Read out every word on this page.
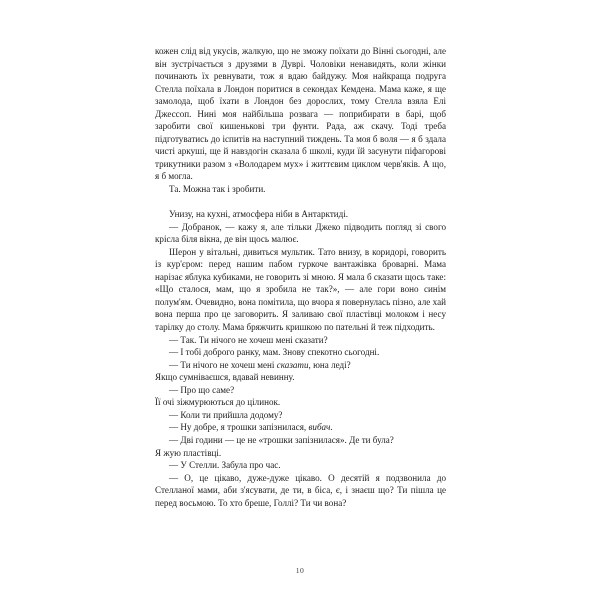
кожен слід від укусів, жалкую, що не зможу поїхати до Вінні сьогодні, але він зустрічається з друзями в Дуврі. Чоловіки ненавидять, коли жінки починають їх ревнувати, тож я вдаю байдужу. Моя найкраща подруга Стелла поїхала в Лондон поритися в секондах Кемдена. Мама каже, я ще замолода, щоб їхати в Лондон без дорослих, тому Стелла взяла Елі Джессоп. Нині моя найбільша розвага — поприбирати в барі, щоб заробити свої кишенькові три фунти. Рада, аж скачу. Тоді треба підготуватись до іспитів на наступний тиждень. Та моя б воля — я б здала чисті аркуші, ще й навздогін сказала б школі, куди їй засунути піфагорові трикутники разом з «Володарем мух» і життєвим циклом черв'яків. А що, я б могла.

Та. Можна так і зробити.

Унизу, на кухні, атмосфера ніби в Антарктиді.

— Добранок, — кажу я, але тільки Джеко підводить погляд зі свого крісла біля вікна, де він щось малює.

Шерон у вітальні, дивиться мультик. Тато внизу, в коридорі, говорить із кур'єром: перед нашим пабом гуркоче вантажівка броварні. Мама нарізає яблука кубиками, не говорить зі мною. Я мала б сказати щось таке: «Що сталося, мам, що я зробила не так?», — але гори воно синім полум'ям. Очевидно, вона помітила, що вчора я повернулась пізно, але хай вона перша про це заговорить. Я заливаю свої пластівці молоком і несу тарілку до столу. Мама бряжчить кришкою по пательні й теж підходить.

— Так. Ти нічого не хочеш мені сказати?

— І тобі доброго ранку, мам. Знову спекотно сьогодні.

— Ти нічого не хочеш мені сказати, юна леді?

Якщо сумніваєшся, вдавай невинну.

— Про що саме?

Її очі зіжмурюються до цілинок.

— Коли ти прийшла додому?

— Ну добре, я трошки запізнилася, вибач.

— Дві години — це не «трошки запізнилася». Де ти була?

Я жую пластівці.

— У Стелли. Забула про час.

— О, це цікаво, дуже-дуже цікаво. О десятій я подзвонила до Стелланої мами, аби з'ясувати, де ти, в біса, є, і знаєш що? Ти пішла це перед восьмою. То хто бреше, Голлі? Ти чи вона?

10
